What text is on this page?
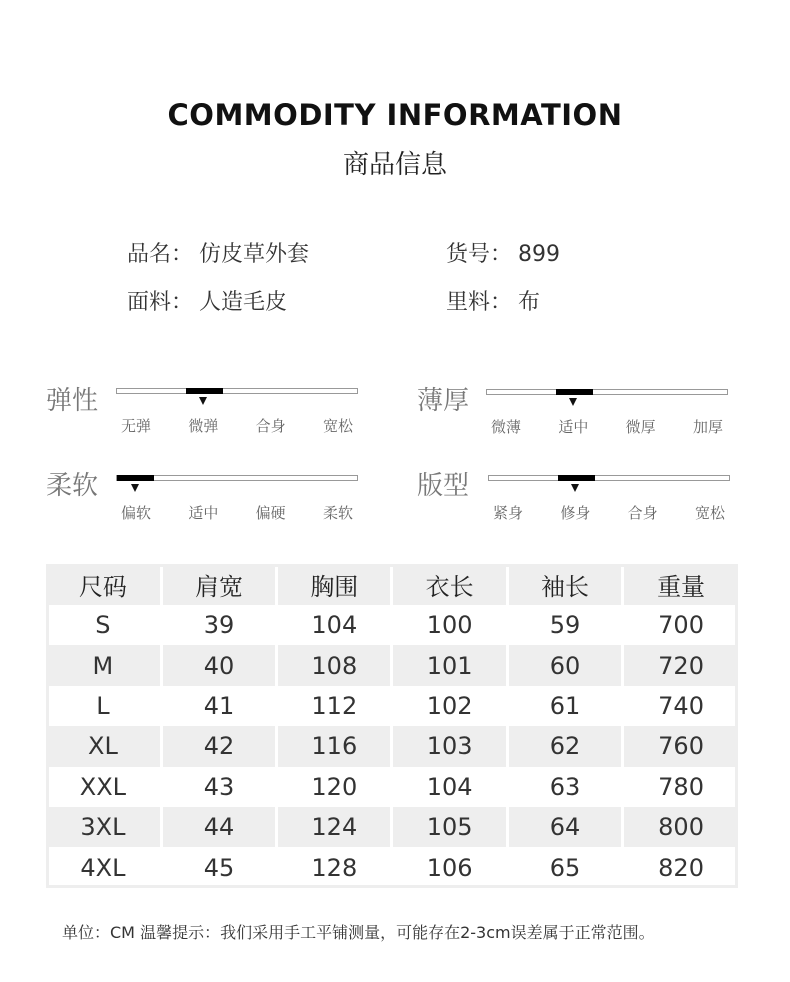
COMMODITY INFORMATION
商品信息
品名： 仿皮草外套	货号： 899
面料： 人造毛皮	里料： 布
弹性
无弹	微弹	合身	宽松
薄厚
微薄	适中	微厚	加厚
柔软
偏软	适中	偏硬	柔软
版型
紧身	修身	合身	宽松
尺码	肩宽	胸围	衣长	袖长	重量
S	39	104	100	59	700
M	40	108	101	60	720
L	41	112	102	61	740
XL	42	116	103	62	760
XXL	43	120	104	63	780
3XL	44	124	105	64	800
4XL	45	128	106	65	820
单位：CM 温馨提示：我们采用手工平铺测量，可能存在2-3cm误差属于正常范围。
